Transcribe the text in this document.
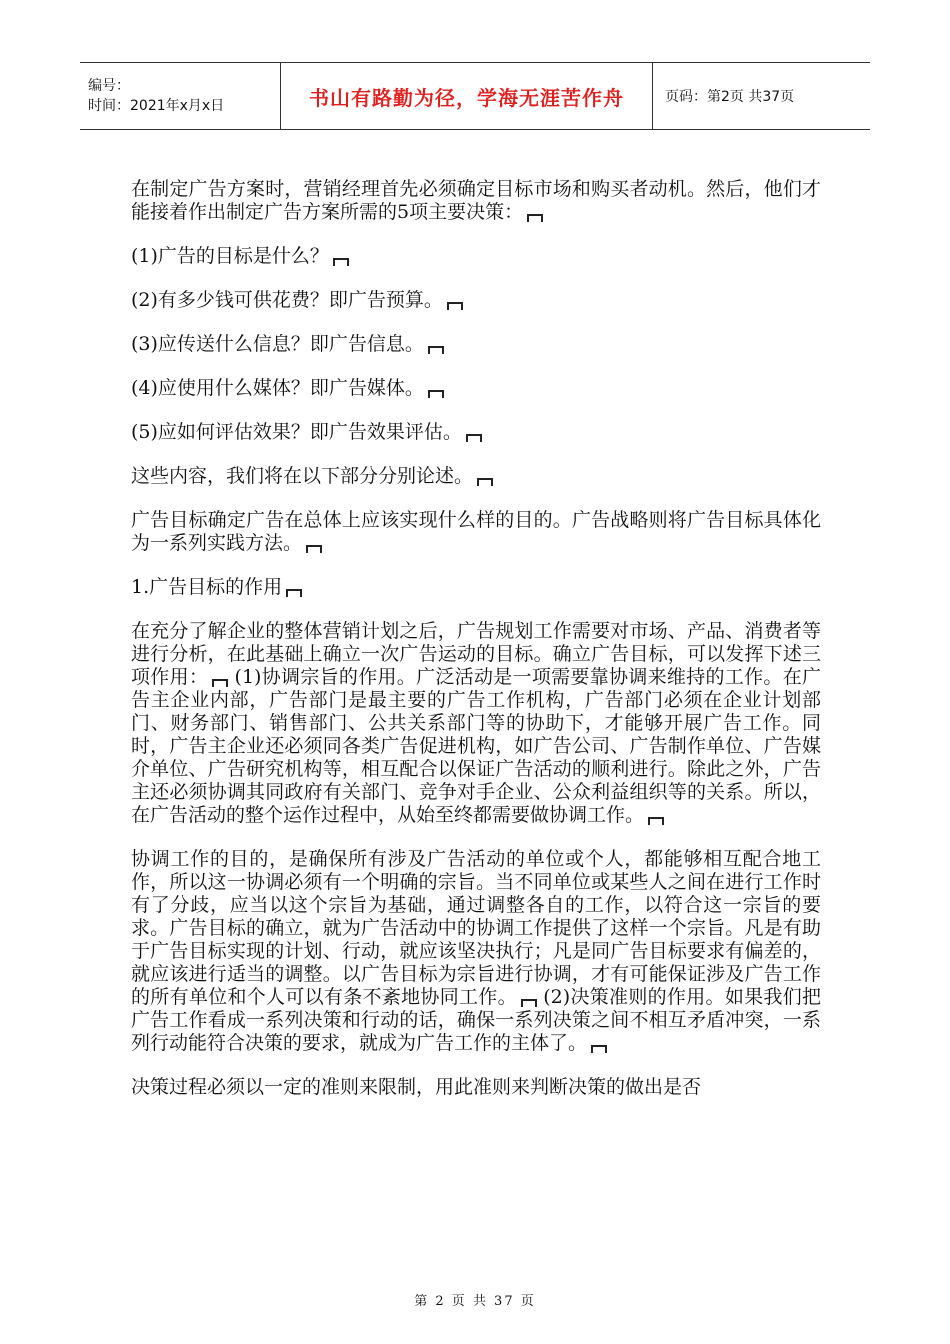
编号：
时间：2021年x月x日	书山有路勤为径，学海无涯苦作舟	页码：第2页 共37页

在制定广告方案时，营销经理首先必须确定目标市场和购买者动机。然后，他们才能接着作出制定广告方案所需的5项主要决策：

(1)广告的目标是什么？

(2)有多少钱可供花费？即广告预算。

(3)应传送什么信息？即广告信息。

(4)应使用什么媒体？即广告媒体。

(5)应如何评估效果？即广告效果评估。

这些内容，我们将在以下部分分别论述。

广告目标确定广告在总体上应该实现什么样的目的。广告战略则将广告目标具体化为一系列实践方法。

1.广告目标的作用

在充分了解企业的整体营销计划之后，广告规划工作需要对市场、产品、消费者等进行分析，在此基础上确立一次广告运动的目标。确立广告目标，可以发挥下述三项作用： (1)协调宗旨的作用。广泛活动是一项需要靠协调来维持的工作。在广告主企业内部，广告部门是最主要的广告工作机构，广告部门必须在企业计划部门、财务部门、销售部门、公共关系部门等的协助下，才能够开展广告工作。同时，广告主企业还必须同各类广告促进机构，如广告公司、广告制作单位、广告媒介单位、广告研究机构等，相互配合以保证广告活动的顺利进行。除此之外，广告主还必须协调其同政府有关部门、竞争对手企业、公众利益组织等的关系。所以，在广告活动的整个运作过程中，从始至终都需要做协调工作。

协调工作的目的，是确保所有涉及广告活动的单位或个人，都能够相互配合地工作，所以这一协调必须有一个明确的宗旨。当不同单位或某些人之间在进行工作时有了分歧，应当以这个宗旨为基础，通过调整各自的工作，以符合这一宗旨的要求。广告目标的确立，就为广告活动中的协调工作提供了这样一个宗旨。凡是有助于广告目标实现的计划、行动，就应该坚决执行；凡是同广告目标要求有偏差的，就应该进行适当的调整。以广告目标为宗旨进行协调，才有可能保证涉及广告工作的所有单位和个人可以有条不紊地协同工作。 (2)决策准则的作用。如果我们把广告工作看成一系列决策和行动的话，确保一系列决策之间不相互矛盾冲突，一系列行动能符合决策的要求，就成为广告工作的主体了。

决策过程必须以一定的准则来限制，用此准则来判断决策的做出是否

第 2 页 共 37 页
